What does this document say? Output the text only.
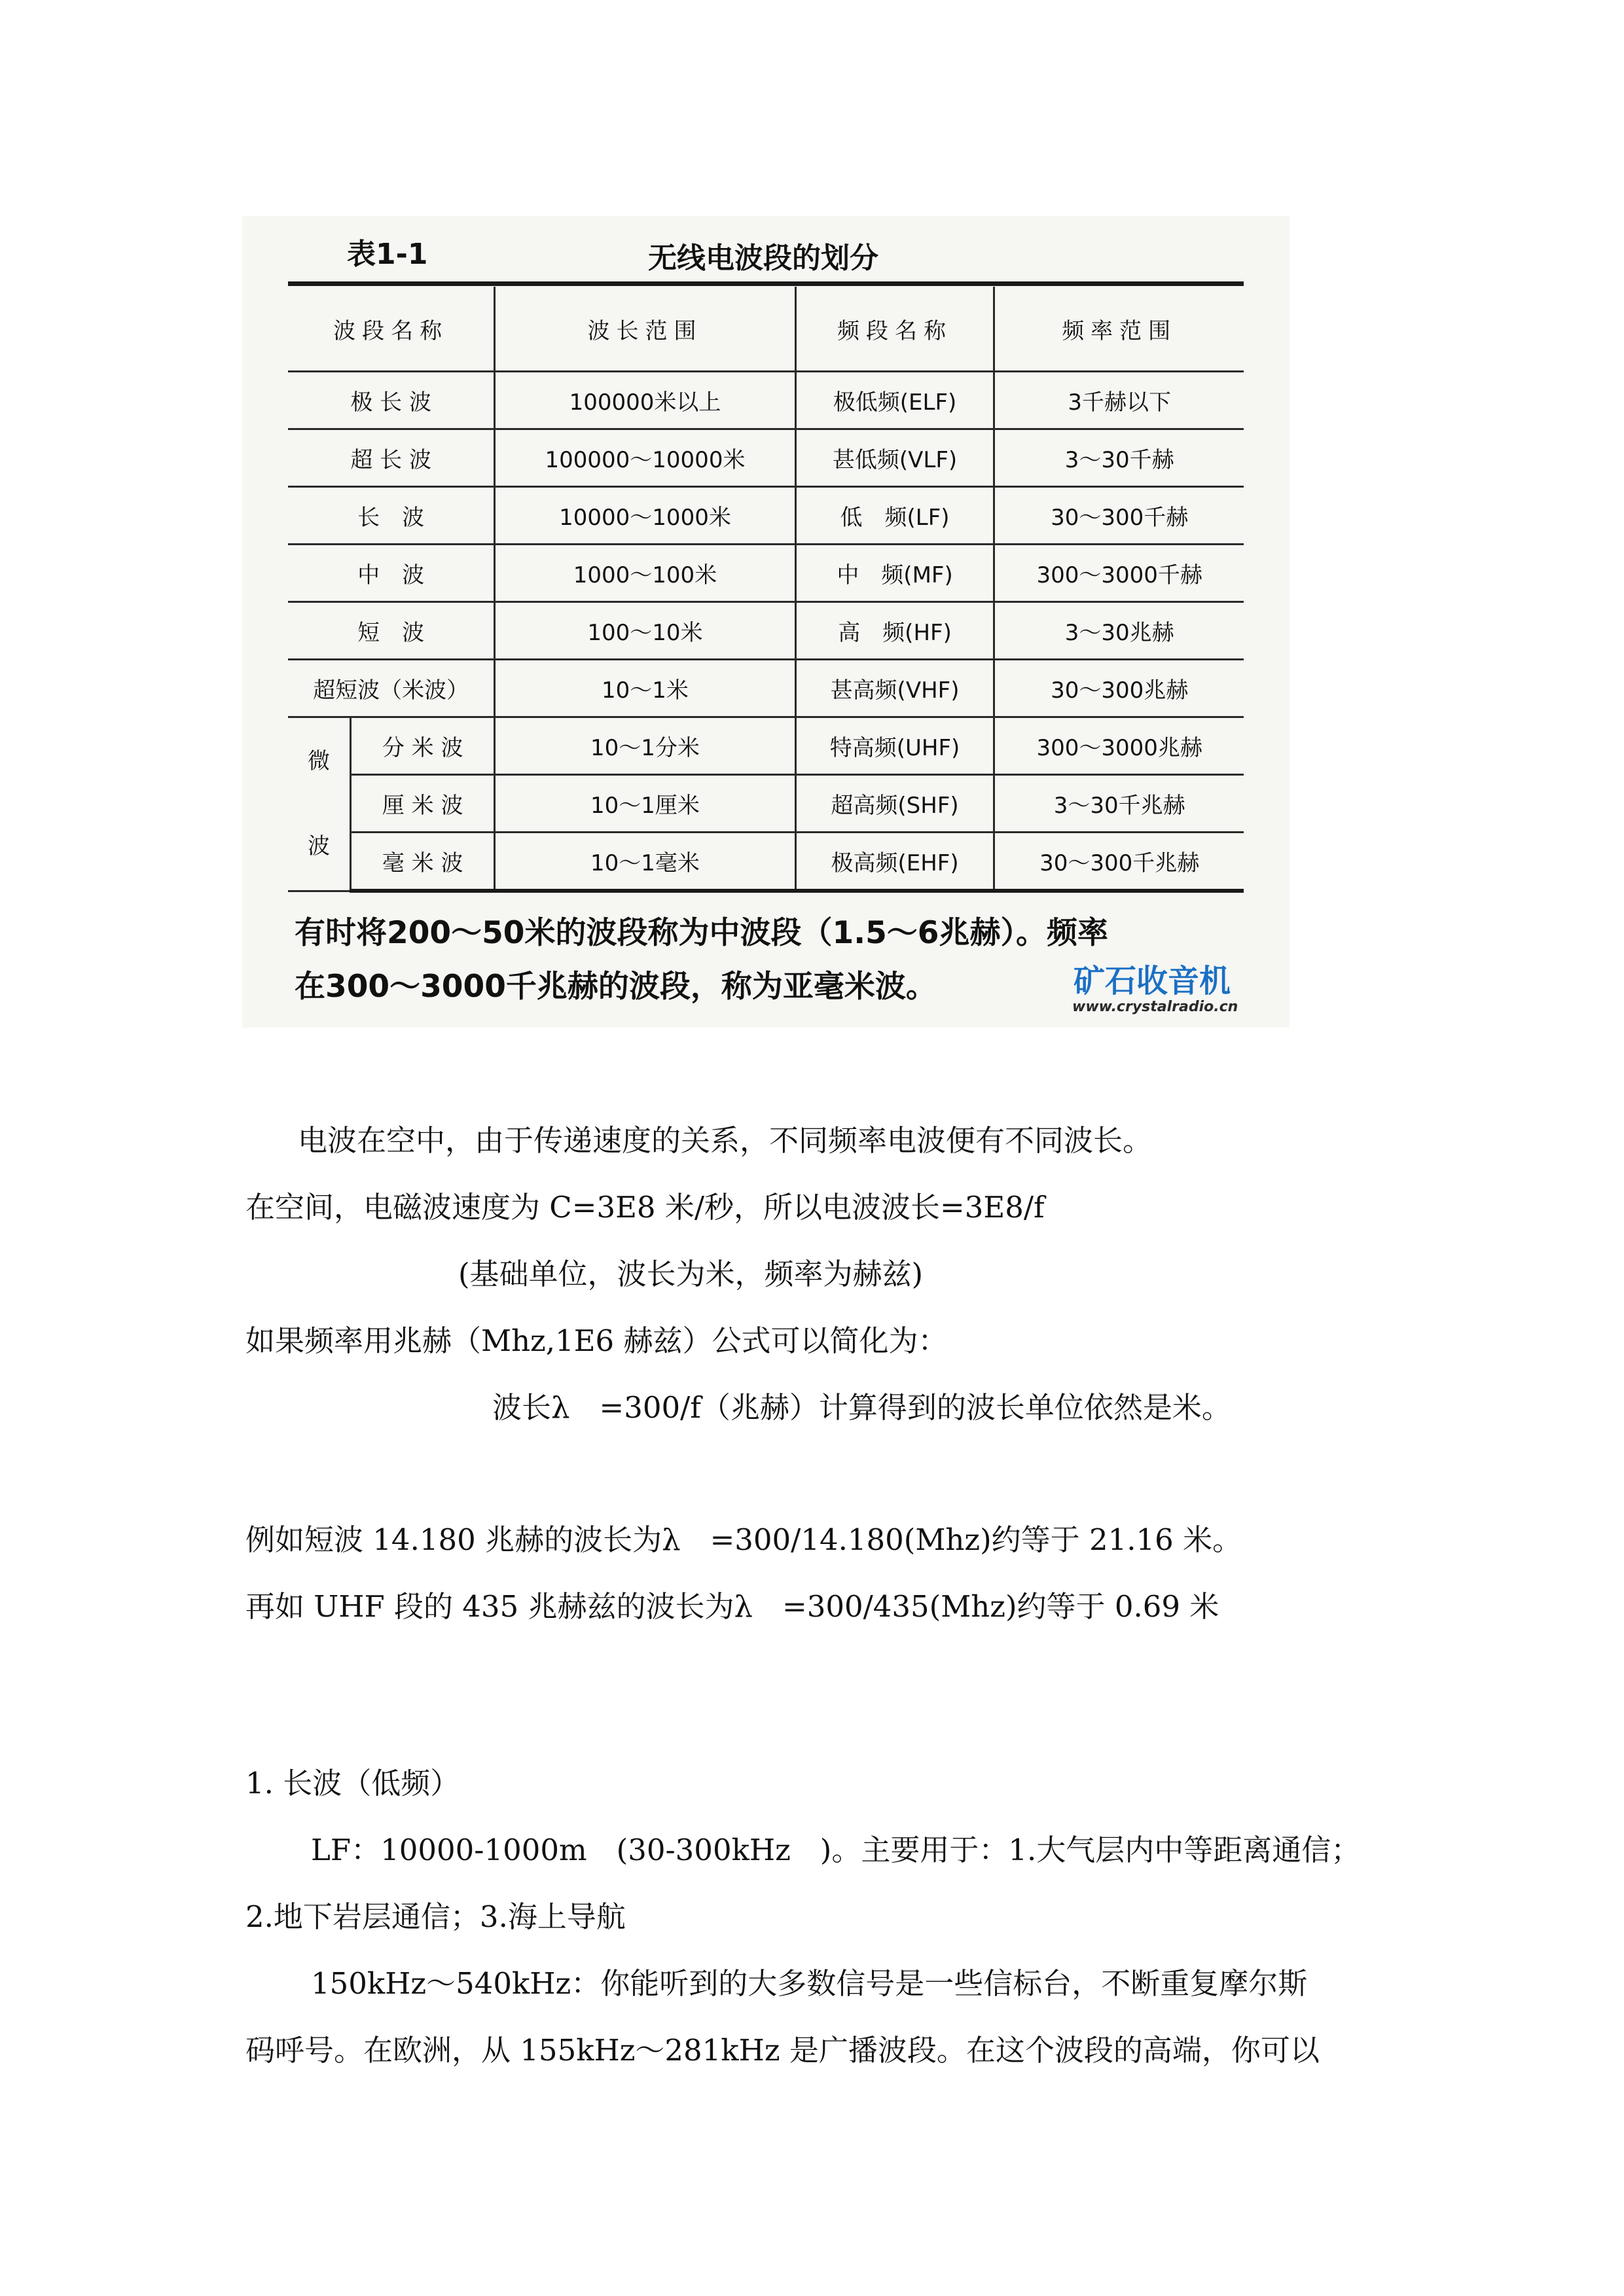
表1-1	无线电波段的划分
波段名称		波长范围	频段名称	频率范围
极 长 波		100000米以上	极低频(ELF)	3千赫以下
超 长 波		100000～10000米	甚低频(VLF)	3～30千赫
长　波		10000～1000米	低　频(LF)	30～300千赫
中　波		1000～100米	中　频(MF)	300～3000千赫
短　波		100～10米	高　频(HF)	3～30兆赫
超短波（米波）		10～1米	甚高频(VHF)	30～300兆赫

微
波	分 米 波	10～1分米	特高频(UHF)	300～3000兆赫
	厘 米 波	10～1厘米	超高频(SHF)	3～30千兆赫
	毫 米 波	10～1毫米	极高频(EHF)	30～300千兆赫
有时将200～50米的波段称为中波段（1.5～6兆赫）。频率
在300～3000千兆赫的波段，称为亚毫米波。	矿石收音机
www.crystalradio.cn
电波在空中，由于传递速度的关系，不同频率电波便有不同波长。
在空间，电磁波速度为 C=3E8 米/秒，所以电波波长=3E8/f
(基础单位，波长为米，频率为赫兹)
如果频率用兆赫（Mhz,1E6 赫兹）公式可以简化为：
波长λ　=300/f（兆赫）计算得到的波长单位依然是米。
例如短波 14.180 兆赫的波长为λ　=300/14.180(Mhz)约等于 21.16 米。
再如 UHF 段的 435 兆赫兹的波长为λ　=300/435(Mhz)约等于 0.69 米
1. 长波（低频）
LF：10000-1000m　(30-300kHz　)。主要用于：1.大气层内中等距离通信；
2.地下岩层通信；3.海上导航
150kHz～540kHz：你能听到的大多数信号是一些信标台，不断重复摩尔斯
码呼号。在欧洲，从 155kHz～281kHz 是广播波段。在这个波段的高端，你可以
